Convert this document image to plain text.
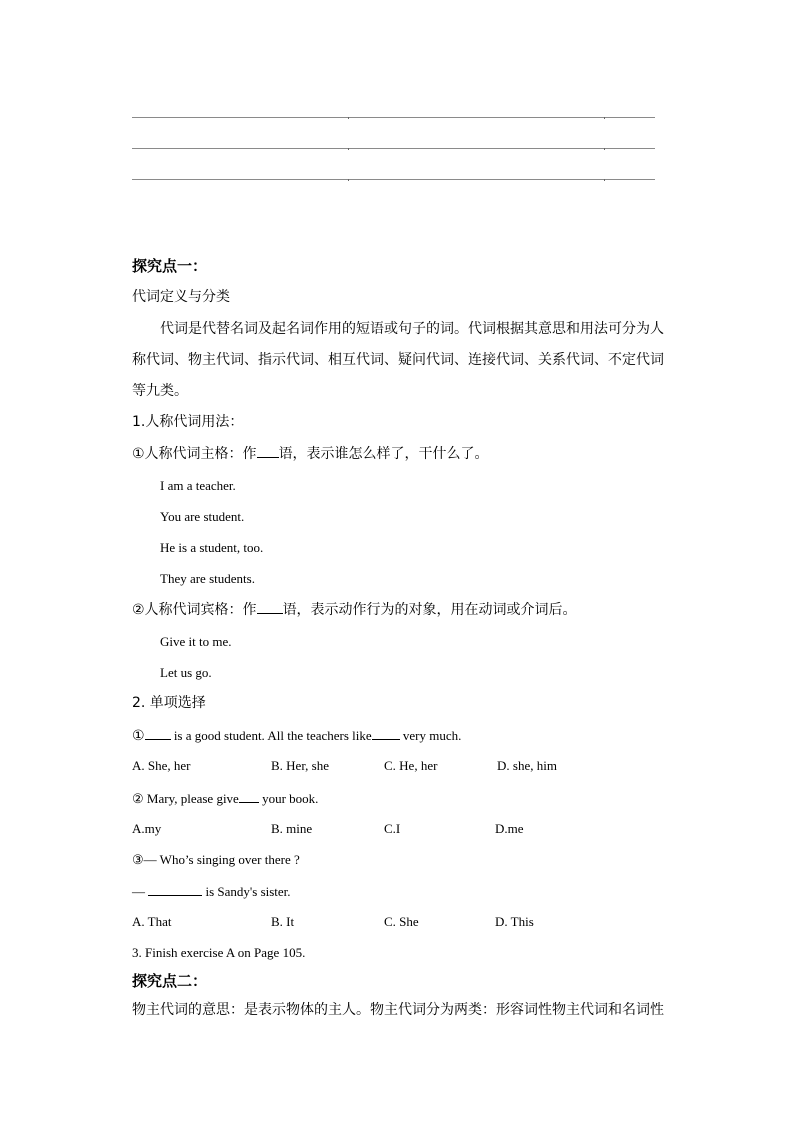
探究点一：
代词定义与分类
代词是代替名词及起名词作用的短语或句子的词。代词根据其意思和用法可分为人
称代词、物主代词、指示代词、相互代词、疑问代词、连接代词、关系代词、不定代词
等九类。
1.人称代词用法：
①人称代词主格：作 语，表示谁怎么样了，干什么了。
I am a teacher.
You are student.
He is a student, too.
They are students.
②人称代词宾格：作 语，表示动作行为的对象，用在动词或介词后。
Give it to me.
Let us go.
2. 单项选择
① is a good student. All the teachers like very much.
A. She, her	B. Her, she	C. He, her	D. she, him
② Mary, please give your book.
A.my	B. mine	C.I	D.me
③— Who’s singing over there ?
—	is Sandy's sister.
A. That	B. It	C. She	D. This
3. Finish exercise A on Page 105.
探究点二：
物主代词的意思：是表示物体的主人。物主代词分为两类：形容词性物主代词和名词性
